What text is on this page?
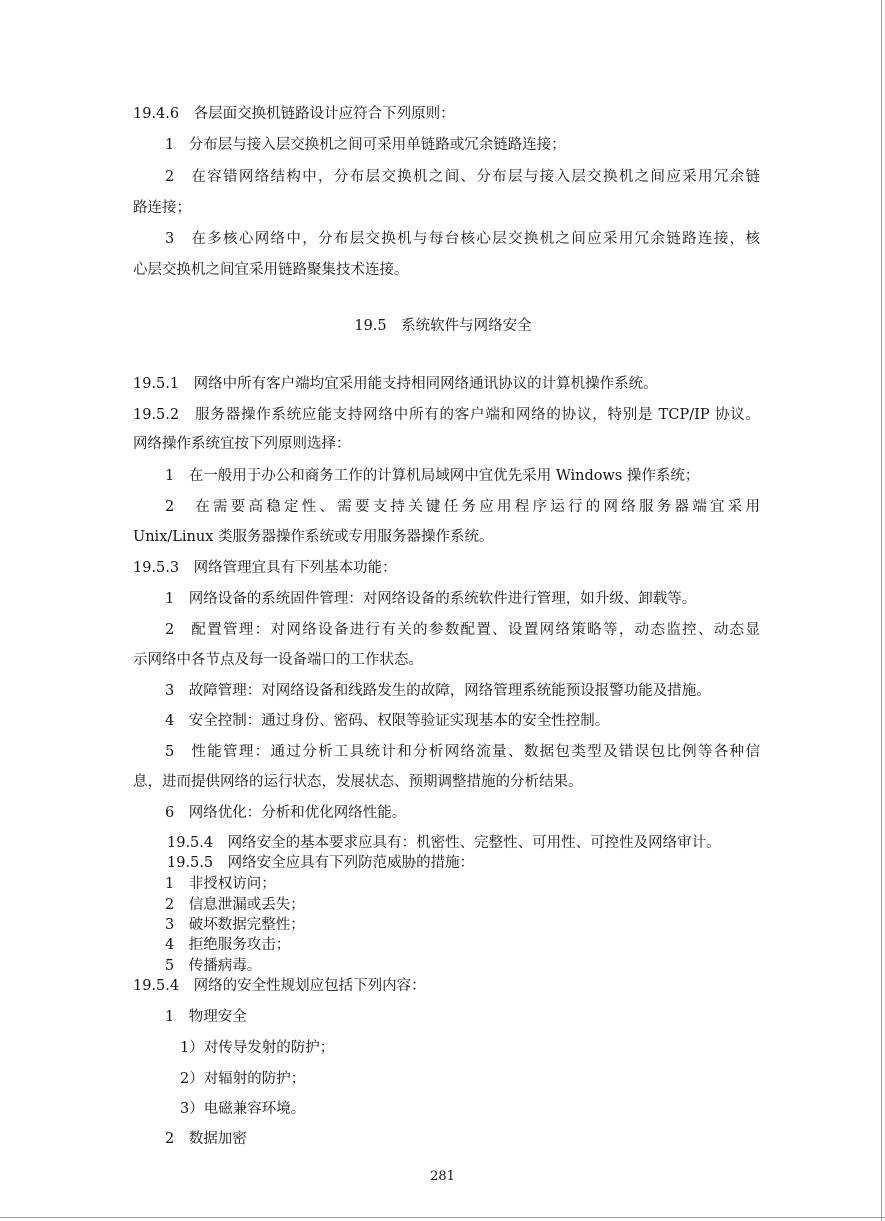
19.4.6　各层面交换机链路设计应符合下列原则：
1　分布层与接入层交换机之间可采用单链路或冗余链路连接；
2　在容错网络结构中，分布层交换机之间、分布层与接入层交换机之间应采用冗余链
路连接；
3　在多核心网络中，分布层交换机与每台核心层交换机之间应采用冗余链路连接，核
心层交换机之间宜采用链路聚集技术连接。
19.5　系统软件与网络安全
19.5.1　网络中所有客户端均宜采用能支持相同网络通讯协议的计算机操作系统。
19.5.2　服务器操作系统应能支持网络中所有的客户端和网络的协议，特别是 TCP/IP 协议。
网络操作系统宜按下列原则选择：
1　在一般用于办公和商务工作的计算机局域网中宜优先采用 Windows 操作系统；
2　在需要高稳定性、需要支持关键任务应用程序运行的网络服务器端宜采用
Unix/Linux 类服务器操作系统或专用服务器操作系统。
19.5.3　网络管理宜具有下列基本功能：
1　网络设备的系统固件管理：对网络设备的系统软件进行管理，如升级、卸载等。
2　配置管理：对网络设备进行有关的参数配置、设置网络策略等，动态监控、动态显
示网络中各节点及每一设备端口的工作状态。
3　故障管理：对网络设备和线路发生的故障，网络管理系统能预设报警功能及措施。
4　安全控制：通过身份、密码、权限等验证实现基本的安全性控制。
5　性能管理：通过分析工具统计和分析网络流量、数据包类型及错误包比例等各种信
息，进而提供网络的运行状态，发展状态、预期调整措施的分析结果。
6　网络优化：分析和优化网络性能。
19.5.4　网络安全的基本要求应具有：机密性、完整性、可用性、可控性及网络审计。
19.5.5　网络安全应具有下列防范威胁的措施：
1　非授权访问；
2　信息泄漏或丢失；
3　破坏数据完整性；
4　拒绝服务攻击；
5　传播病毒。
19.5.4　网络的安全性规划应包括下列内容：
1　物理安全
1）对传导发射的防护；
2）对辐射的防护；
3）电磁兼容环境。
2　数据加密
281
